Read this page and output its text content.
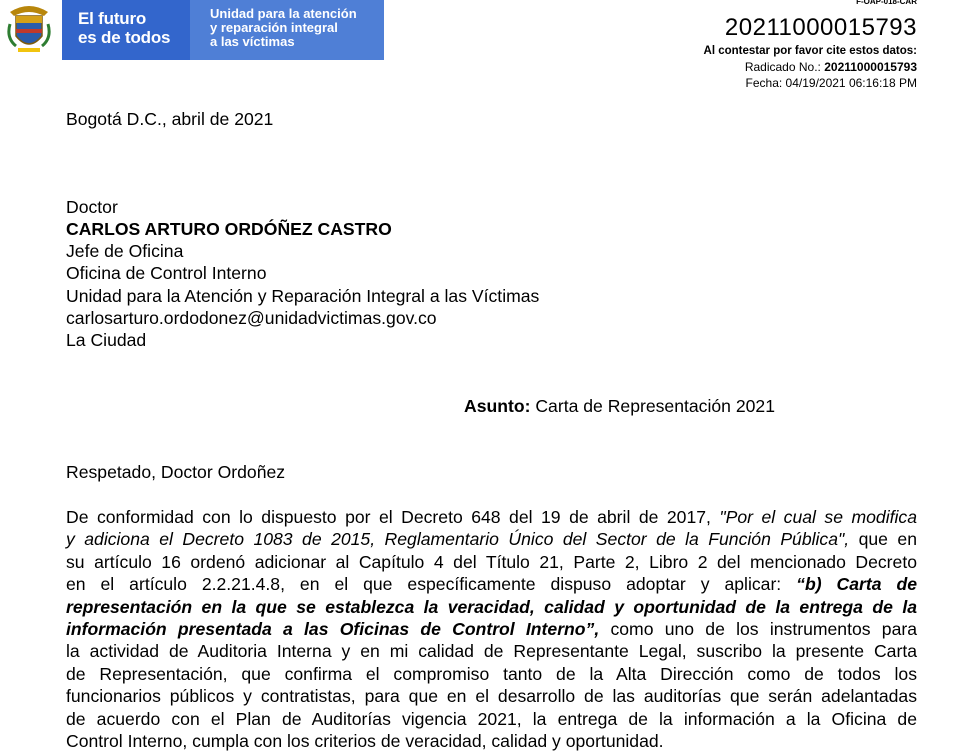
El futuro
es de todos
Unidad para la atención
y reparación integral
a las víctimas
F-OAP-018-CAR
20211000015793
Al contestar por favor cite estos datos:
Radicado No.: 20211000015793
Fecha: 04/19/2021 06:16:18 PM
Bogotá D.C., abril de 2021
Doctor
CARLOS ARTURO ORDÓÑEZ CASTRO
Jefe de Oficina
Oficina de Control Interno
Unidad para la Atención y Reparación Integral a las Víctimas
carlosarturo.ordodonez@unidadvictimas.gov.co
La Ciudad
Asunto: Carta de Representación 2021
Respetado, Doctor Ordoñez
De conformidad con lo dispuesto por el Decreto 648 del 19 de abril de 2017, "Por el cual se modifica
y adiciona el Decreto 1083 de 2015, Reglamentario Único del Sector de la Función Pública", que en
su artículo 16 ordenó adicionar al Capítulo 4 del Título 21, Parte 2, Libro 2 del mencionado Decreto
en el artículo 2.2.21.4.8, en el que específicamente dispuso adoptar y aplicar: “b) Carta de
representación en la que se establezca la veracidad, calidad y oportunidad de la entrega de la
información presentada a las Oficinas de Control Interno”, como uno de los instrumentos para
la actividad de Auditoria Interna y en mi calidad de Representante Legal, suscribo la presente Carta
de Representación, que confirma el compromiso tanto de la Alta Dirección como de todos los
funcionarios públicos y contratistas, para que en el desarrollo de las auditorías que serán adelantadas
de acuerdo con el Plan de Auditorías vigencia 2021, la entrega de la información a la Oficina de
Control Interno, cumpla con los criterios de veracidad, calidad y oportunidad.
